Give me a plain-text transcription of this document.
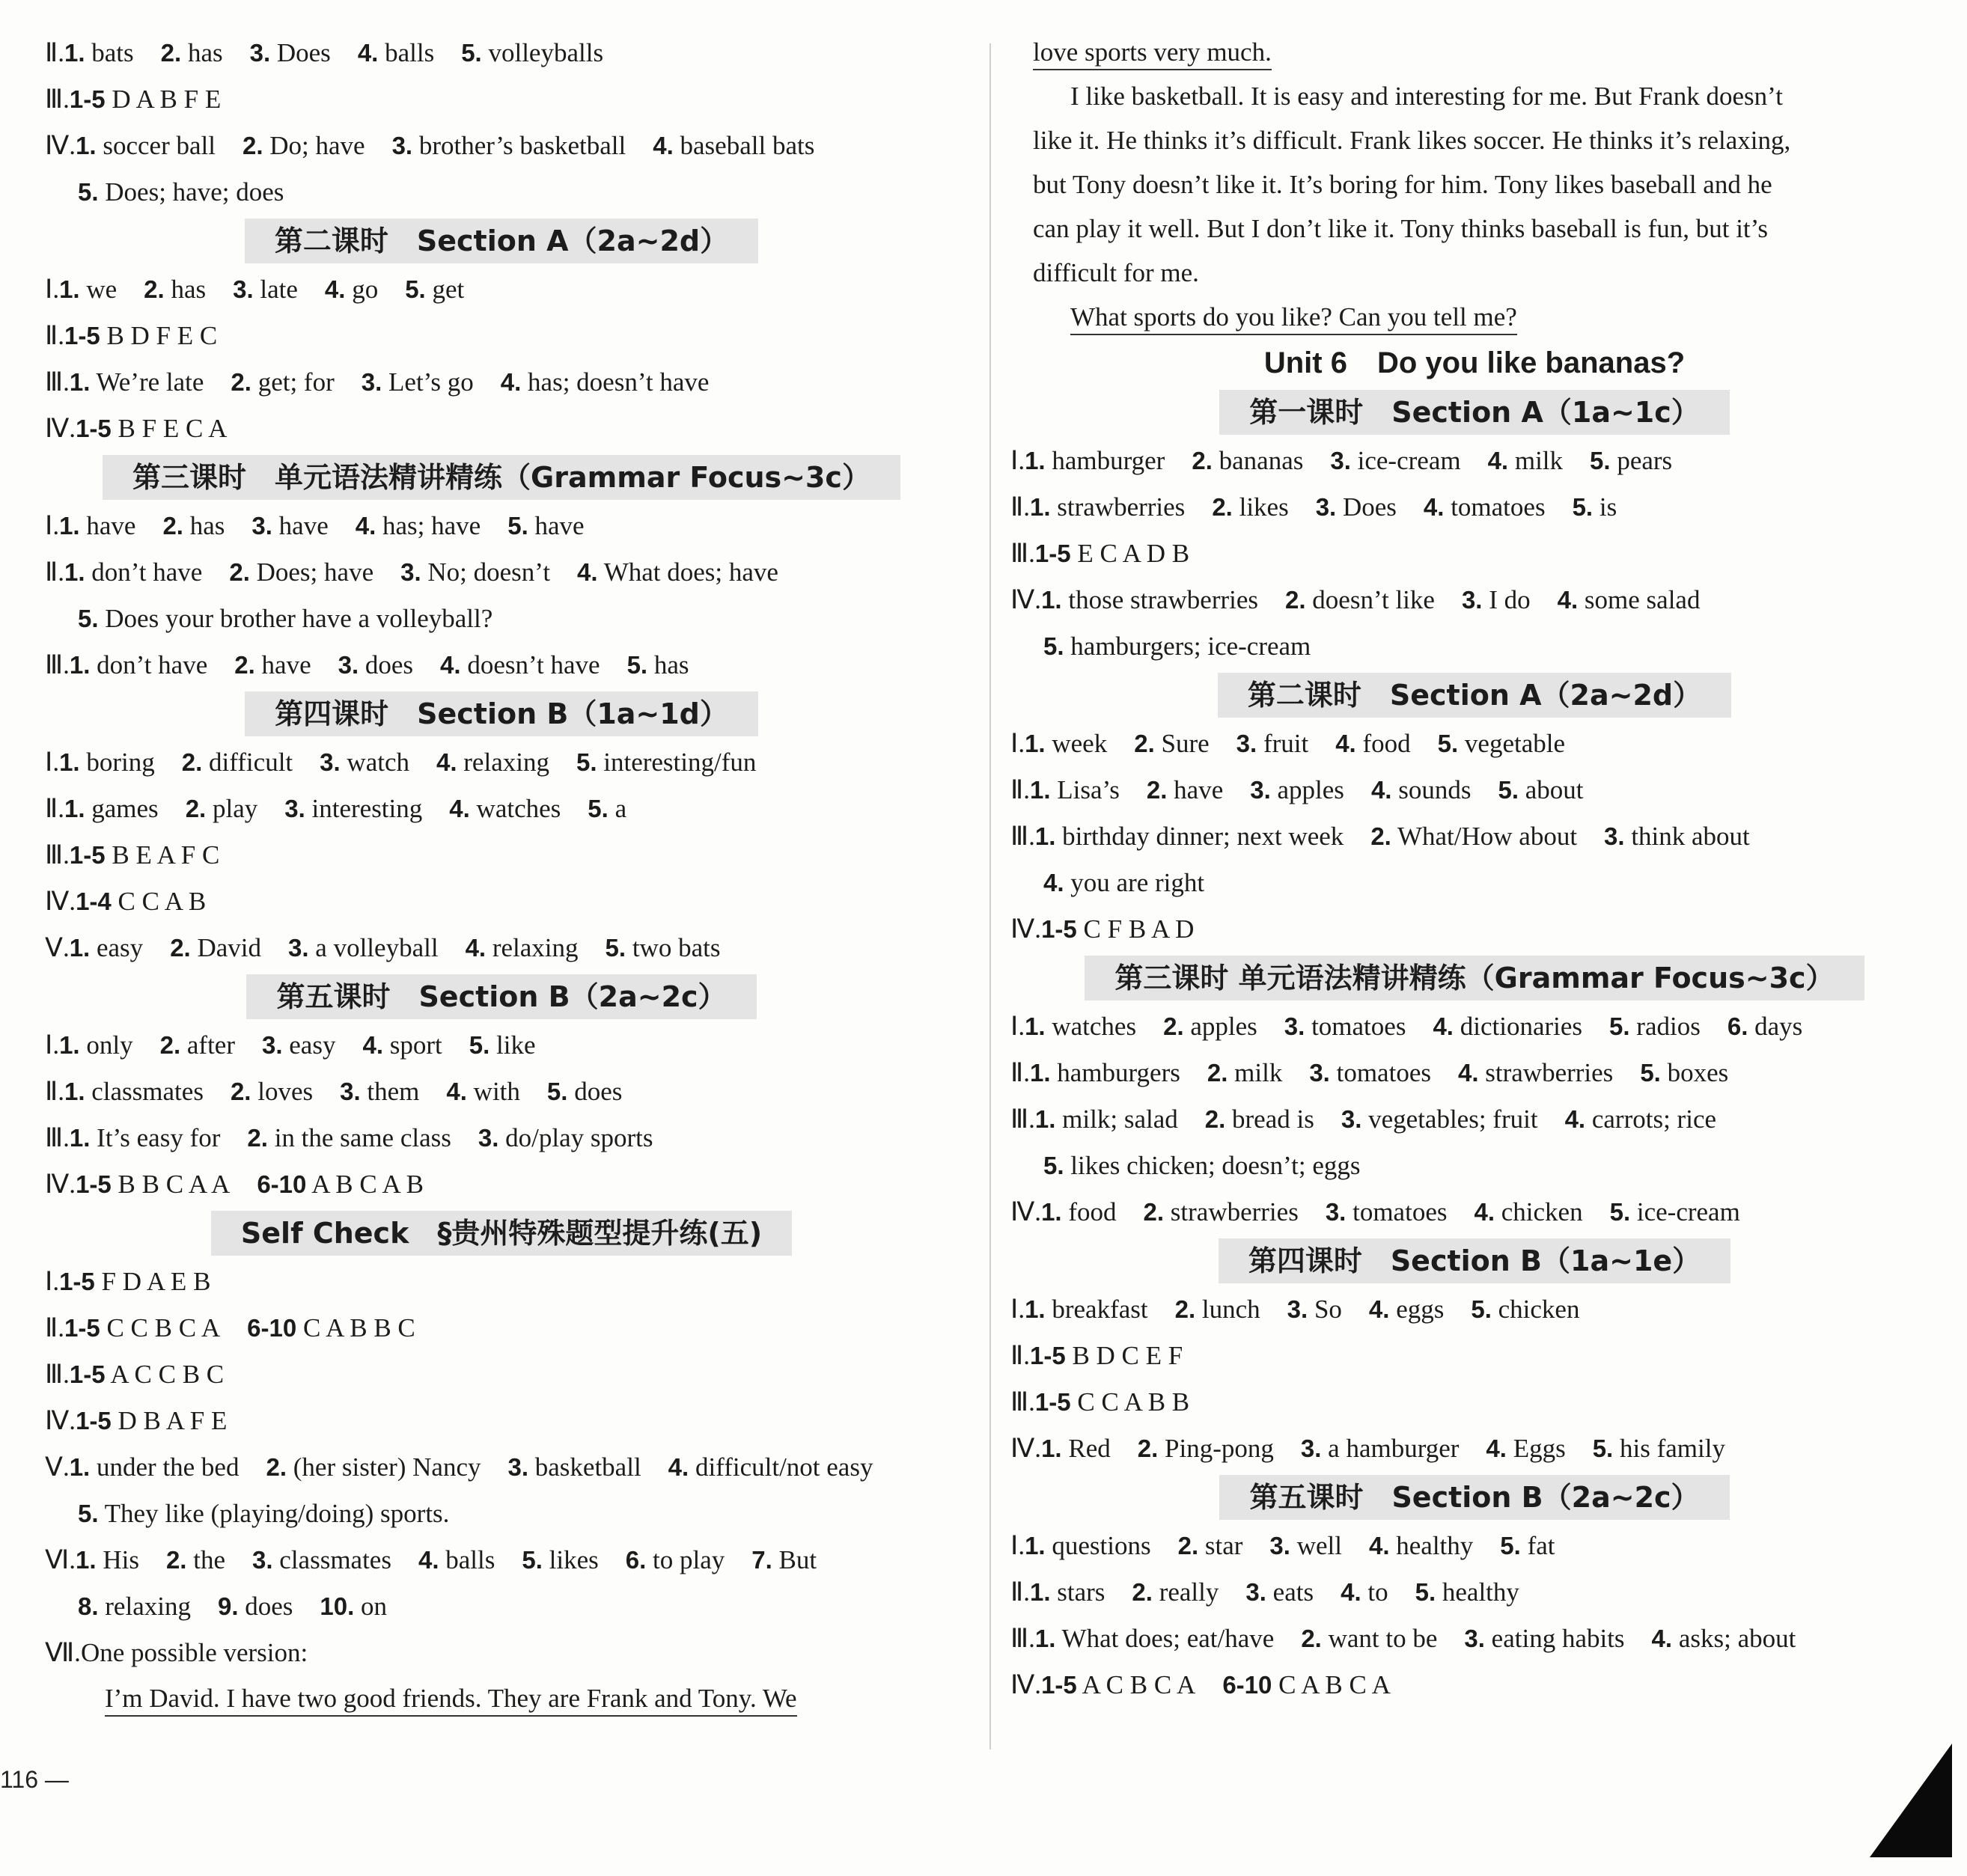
Ⅱ.1. bats 2. has 3. Does 4. balls 5. volleyballs
Ⅲ.1-5 D A B F E
Ⅳ.1. soccer ball 2. Do; have 3. brother’s basketball 4. baseball bats
5. Does; have; does
第二课时　Section A（2a~2d）
Ⅰ.1. we 2. has 3. late 4. go 5. get
Ⅱ.1-5 B D F E C
Ⅲ.1. We’re late 2. get; for 3. Let’s go 4. has; doesn’t have
Ⅳ.1-5 B F E C A
第三课时　单元语法精讲精练（Grammar Focus~3c）
Ⅰ.1. have 2. has 3. have 4. has; have 5. have
Ⅱ.1. don’t have 2. Does; have 3. No; doesn’t 4. What does; have
5. Does your brother have a volleyball?
Ⅲ.1. don’t have 2. have 3. does 4. doesn’t have 5. has
第四课时　Section B（1a~1d）
Ⅰ.1. boring 2. difficult 3. watch 4. relaxing 5. interesting/fun
Ⅱ.1. games 2. play 3. interesting 4. watches 5. a
Ⅲ.1-5 B E A F C
Ⅳ.1-4 C C A B
Ⅴ.1. easy 2. David 3. a volleyball 4. relaxing 5. two bats
第五课时　Section B（2a~2c）
Ⅰ.1. only 2. after 3. easy 4. sport 5. like
Ⅱ.1. classmates 2. loves 3. them 4. with 5. does
Ⅲ.1. It’s easy for 2. in the same class 3. do/play sports
Ⅳ.1-5 B B C A A 6-10 A B C A B
Self Check　§贵州特殊题型提升练(五)
Ⅰ.1-5 F D A E B
Ⅱ.1-5 C C B C A 6-10 C A B B C
Ⅲ.1-5 A C C B C
Ⅳ.1-5 D B A F E
Ⅴ.1. under the bed 2. (her sister) Nancy 3. basketball 4. difficult/not easy
5. They like (playing/doing) sports.
Ⅵ.1. His 2. the 3. classmates 4. balls 5. likes 6. to play 7. But
8. relaxing 9. does 10. on
Ⅶ.One possible version:
I’m David. I have two good friends. They are Frank and Tony. We
love sports very much.
I like basketball. It is easy and interesting for me. But Frank doesn’t
like it. He thinks it’s difficult. Frank likes soccer. He thinks it’s relaxing,
but Tony doesn’t like it. It’s boring for him. Tony likes baseball and he
can play it well. But I don’t like it. Tony thinks baseball is fun, but it’s
difficult for me.
What sports do you like? Can you tell me?
Unit 6　Do you like bananas?
第一课时　Section A（1a~1c）
Ⅰ.1. hamburger 2. bananas 3. ice-cream 4. milk 5. pears
Ⅱ.1. strawberries 2. likes 3. Does 4. tomatoes 5. is
Ⅲ.1-5 E C A D B
Ⅳ.1. those strawberries 2. doesn’t like 3. I do 4. some salad
5. hamburgers; ice-cream
第二课时　Section A（2a~2d）
Ⅰ.1. week 2. Sure 3. fruit 4. food 5. vegetable
Ⅱ.1. Lisa’s 2. have 3. apples 4. sounds 5. about
Ⅲ.1. birthday dinner; next week 2. What/How about 3. think about
4. you are right
Ⅳ.1-5 C F B A D
第三课时 单元语法精讲精练（Grammar Focus~3c）
Ⅰ.1. watches 2. apples 3. tomatoes 4. dictionaries 5. radios 6. days
Ⅱ.1. hamburgers 2. milk 3. tomatoes 4. strawberries 5. boxes
Ⅲ.1. milk; salad 2. bread is 3. vegetables; fruit 4. carrots; rice
5. likes chicken; doesn’t; eggs
Ⅳ.1. food 2. strawberries 3. tomatoes 4. chicken 5. ice-cream
第四课时　Section B（1a~1e）
Ⅰ.1. breakfast 2. lunch 3. So 4. eggs 5. chicken
Ⅱ.1-5 B D C E F
Ⅲ.1-5 C C A B B
Ⅳ.1. Red 2. Ping-pong 3. a hamburger 4. Eggs 5. his family
第五课时　Section B（2a~2c）
Ⅰ.1. questions 2. star 3. well 4. healthy 5. fat
Ⅱ.1. stars 2. really 3. eats 4. to 5. healthy
Ⅲ.1. What does; eat/have 2. want to be 3. eating habits 4. asks; about
Ⅳ.1-5 A C B C A 6-10 C A B C A
116 —
